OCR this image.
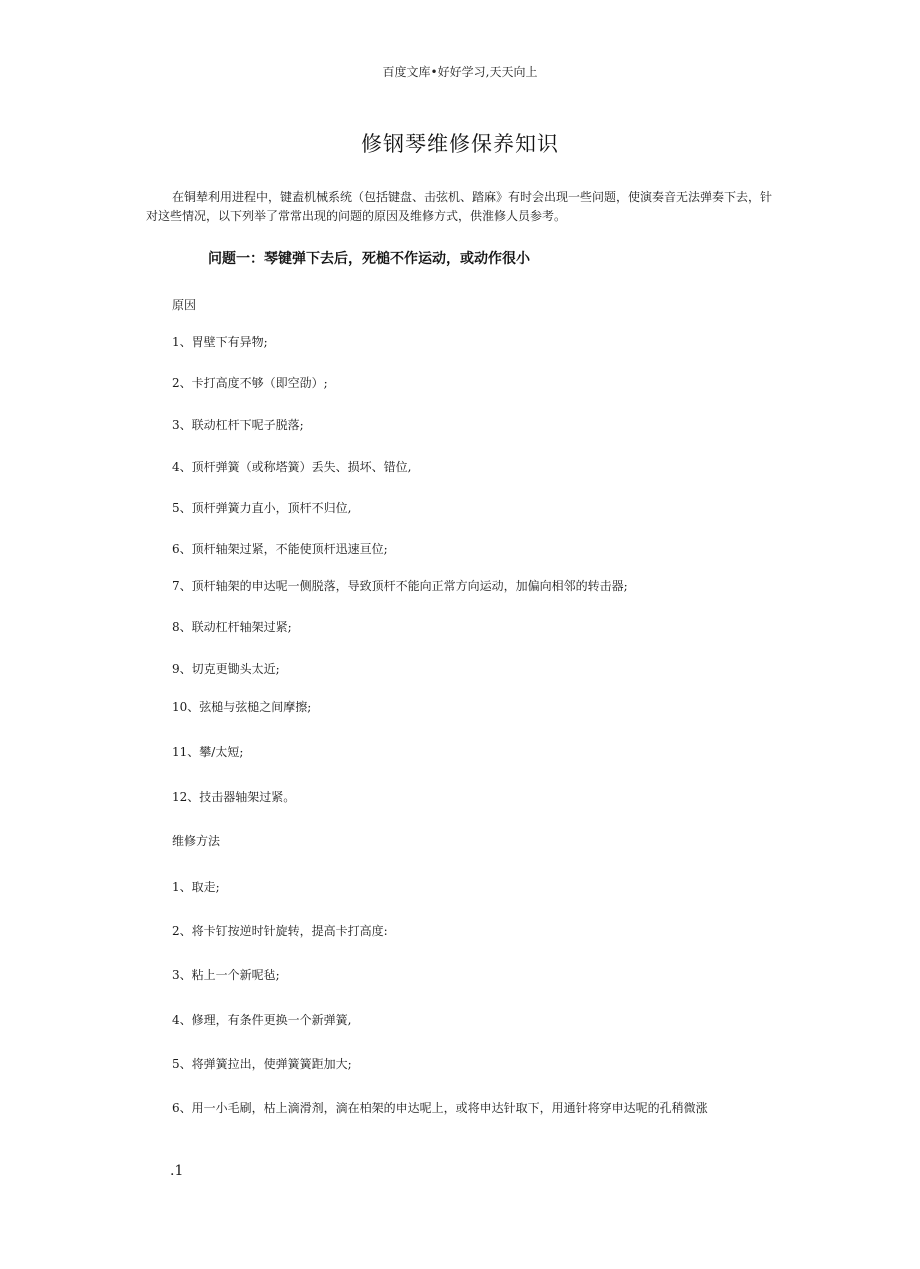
百度文库•好好学习,天天向上
修钢琴维修保养知识
在铜辇利用进程中，键盍机械系统（包括键盘、击弦机、踏麻》有时会出现一些问题，使演奏音无法弹奏下去，针对这些情况，以下列举了常常出现的问题的原因及维修方式，供淮修人员参考。
问题一：琴键弹下去后，死槌不作运动，或动作很小
原因
1、胃壁下有异物;
2、卡打高度不够（即空劭）;
3、联动杠杆下呢子脱落;
4、顶杆弹簧（或称塔簧）丢失、损坏、错位,
5、顶杆弹簧力直小，顶杆不归位,
6、顶杆轴架过紧，不能使顶杆迅速亘位;
7、顶杆轴架的申达呢一侧脱落，导致顶杆不能向正常方向运动，加偏向相邻的转击器;
8、联动杠杆轴架过紧;
9、切克更锄头太近;
10、弦槌与弦槌之间摩擦;
11、攀/太短;
12、技击器轴架过紧。
维修方法
1、取走;
2、将卡钉按逆时针旋转，提高卡打高度:
3、粘上一个新呢毡;
4、修理，有条件更换一个新弹簧,
5、将弹簧拉出，使弹簧簧距加大;
6、用一小毛刷，枯上滴滑剂，滴在柏架的申达呢上，或将申达针取下，用通针将穿申达呢的孔稍微涨
.1
